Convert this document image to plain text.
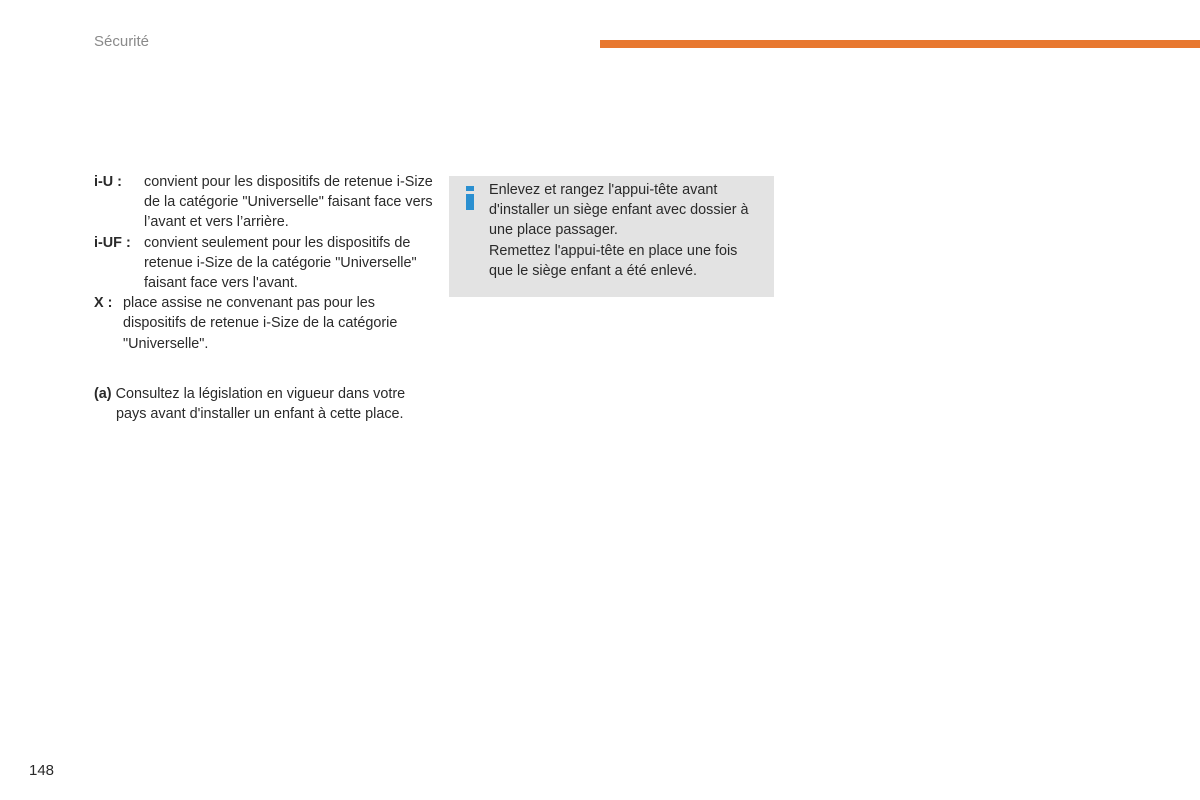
Sécurité
i-U :	convient pour les dispositifs de retenue i-Size de la catégorie "Universelle" faisant face vers l’avant et vers l’arrière.
i-UF : convient seulement pour les dispositifs de retenue i-Size de la catégorie "Universelle" faisant face vers l'avant.
X : place assise ne convenant pas pour les dispositifs de retenue i-Size de la catégorie "Universelle".
(a) Consultez la législation en vigueur dans votre pays avant d'installer un enfant à cette place.
Enlevez et rangez l'appui-tête avant d'installer un siège enfant avec dossier à une place passager.
Remettez l'appui-tête en place une fois que le siège enfant a été enlevé.
148
